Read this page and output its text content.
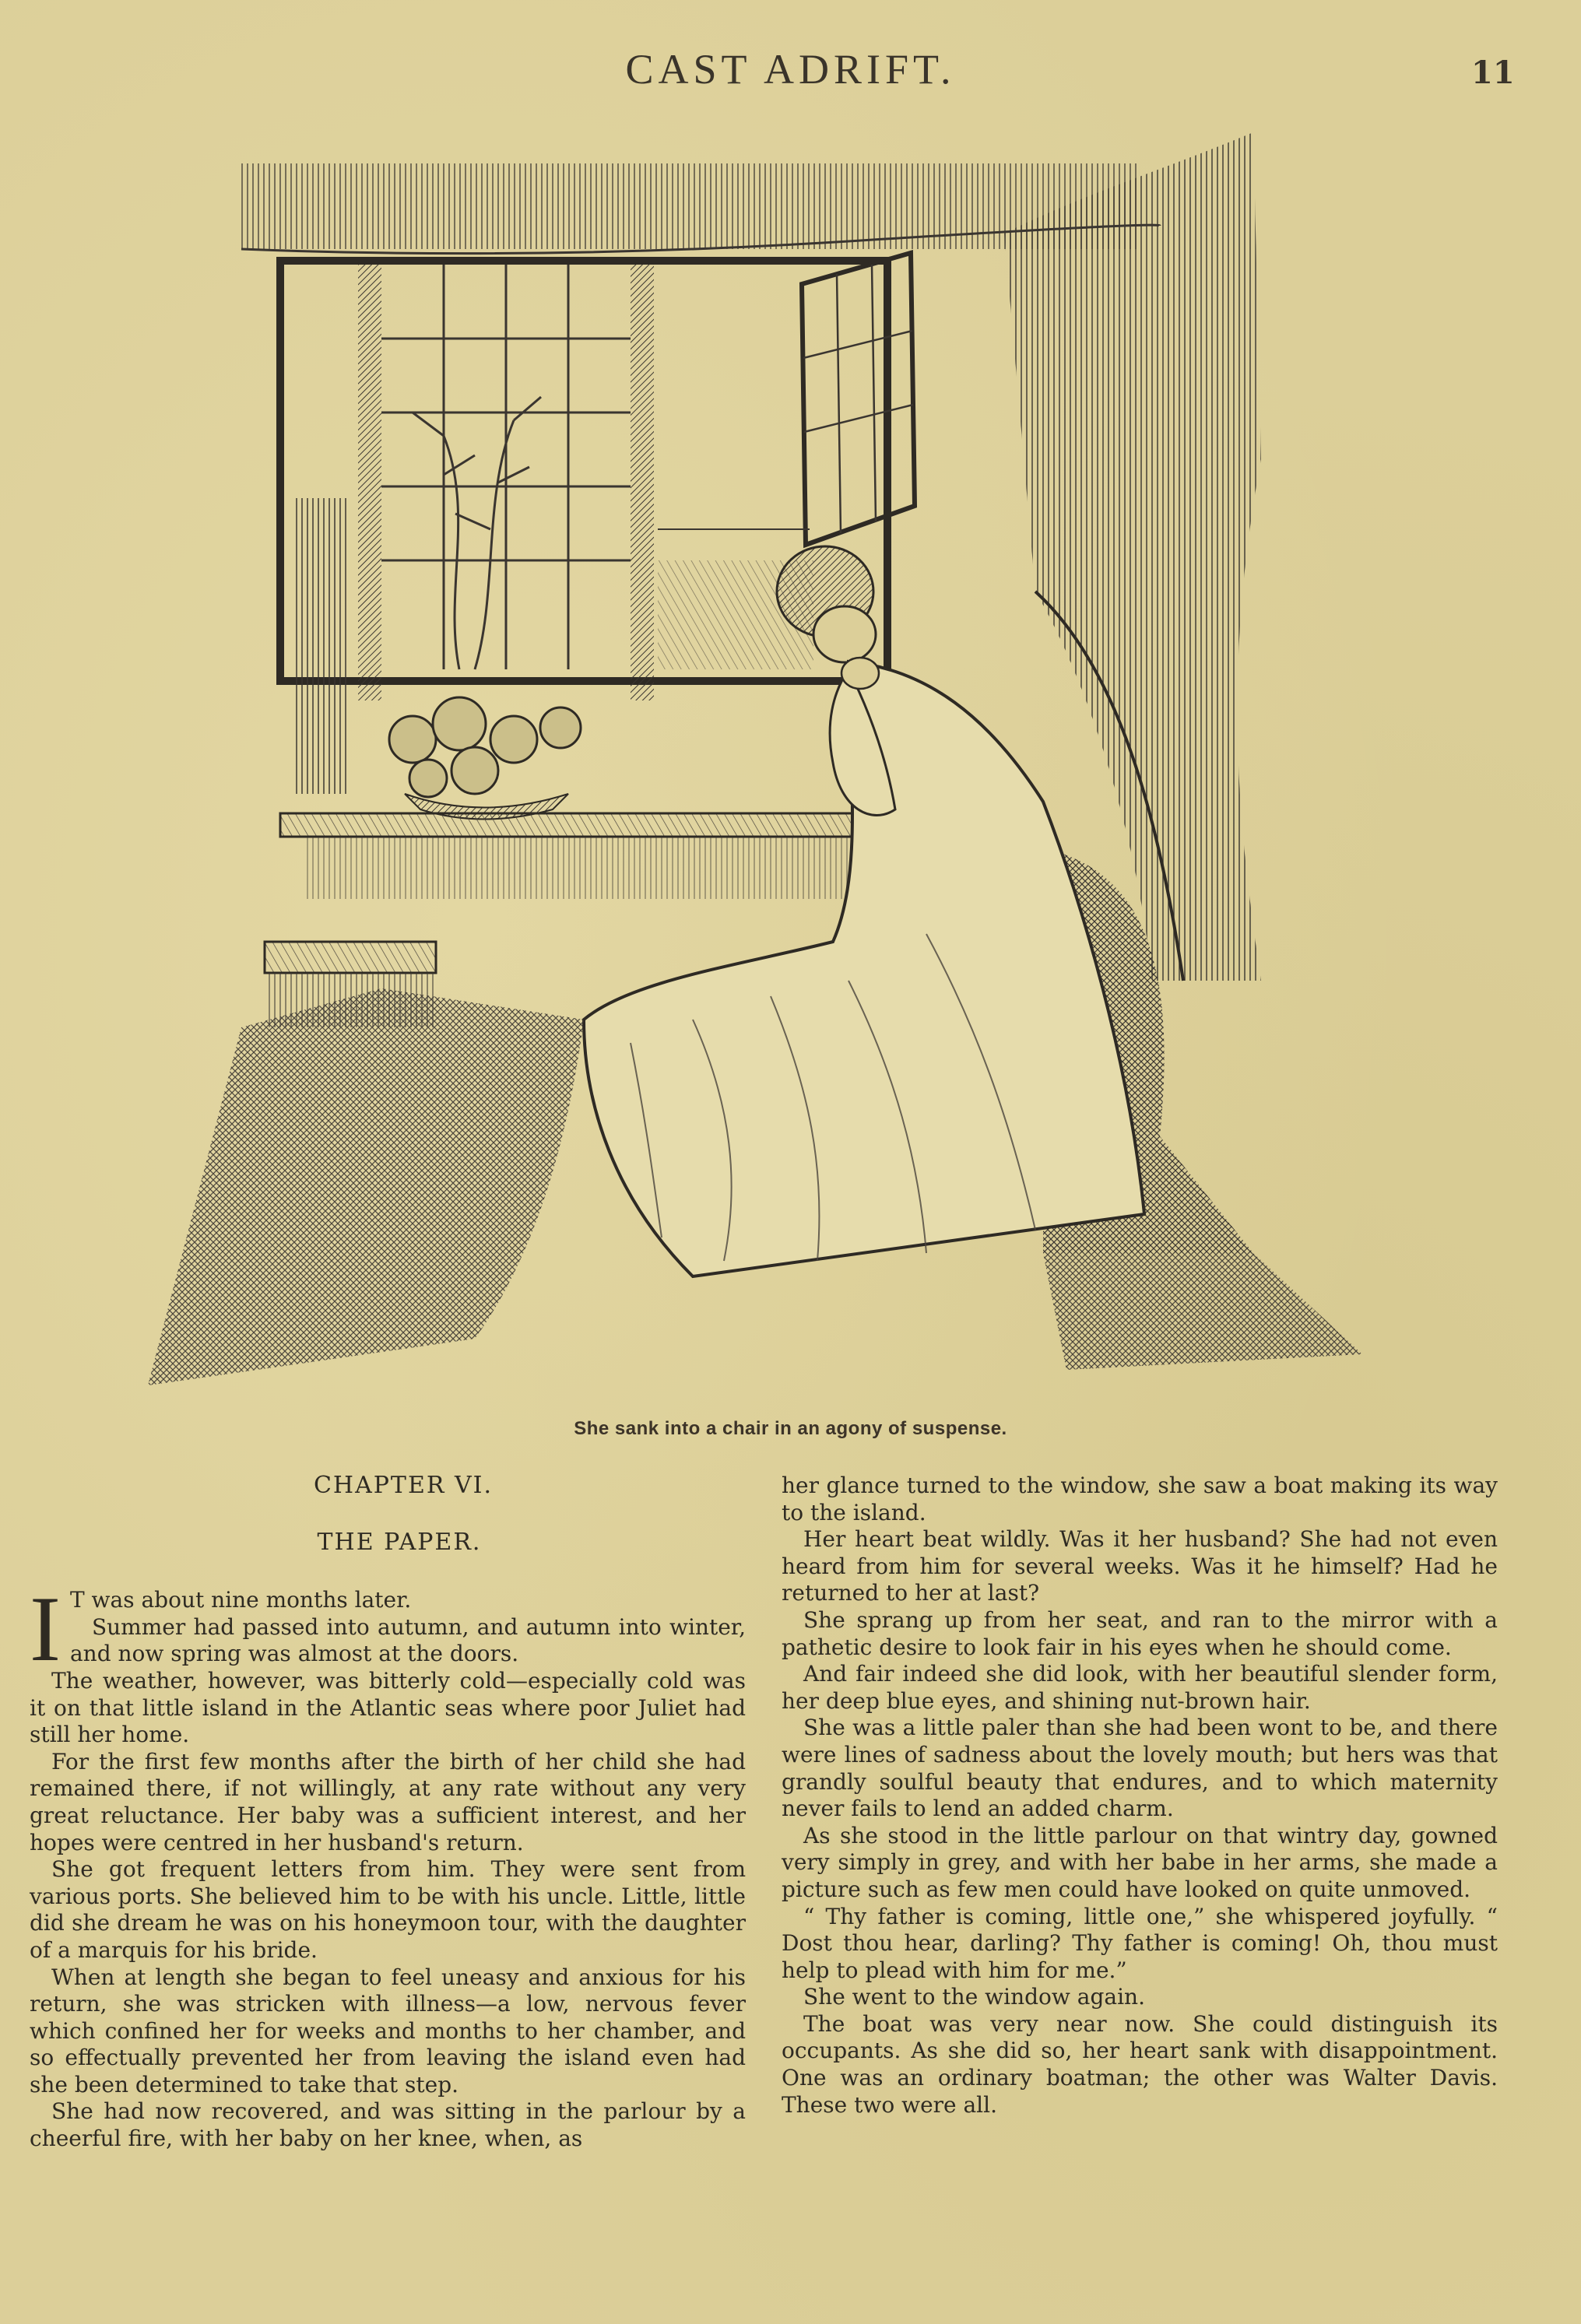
CAST ADRIFT.	11
She sank into a chair in an agony of suspense.
CHAPTER VI.
THE PAPER.

I T was about nine months later.

Summer had passed into autumn, and autumn into winter, and now spring was almost at the doors.

The weather, however, was bitterly cold—especially cold was it on that little island in the Atlantic seas where poor Juliet had still her home.

For the first few months after the birth of her child she had remained there, if not willingly, at any rate without any very great reluctance. Her baby was a sufficient interest, and her hopes were centred in her husband's return.

She got frequent letters from him. They were sent from various ports. She believed him to be with his uncle. Little, little did she dream he was on his honeymoon tour, with the daughter of a marquis for his bride.

When at length she began to feel uneasy and anxious for his return, she was stricken with illness—a low, nervous fever which confined her for weeks and months to her chamber, and so effectually prevented her from leaving the island even had she been determined to take that step.

She had now recovered, and was sitting in the parlour by a cheerful fire, with her baby on her knee, when, as

her glance turned to the window, she saw a boat making its way to the island.

Her heart beat wildly. Was it her husband? She had not even heard from him for several weeks. Was it he himself? Had he returned to her at last?

She sprang up from her seat, and ran to the mirror with a pathetic desire to look fair in his eyes when he should come.

And fair indeed she did look, with her beautiful slender form, her deep blue eyes, and shining nut-brown hair.

She was a little paler than she had been wont to be, and there were lines of sadness about the lovely mouth; but hers was that grandly soulful beauty that endures, and to which maternity never fails to lend an added charm.

As she stood in the little parlour on that wintry day, gowned very simply in grey, and with her babe in her arms, she made a picture such as few men could have looked on quite unmoved.

“ Thy father is coming, little one,” she whispered joyfully. “ Dost thou hear, darling? Thy father is coming! Oh, thou must help to plead with him for me.”

She went to the window again.

The boat was very near now. She could distinguish its occupants. As she did so, her heart sank with disappointment. One was an ordinary boatman; the other was Walter Davis. These two were all.
